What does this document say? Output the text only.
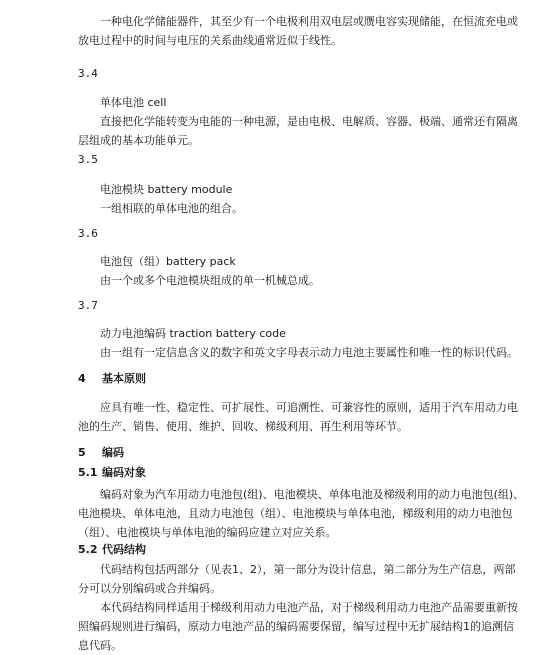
一种电化学储能器件，其至少有一个电极利用双电层或赝电容实现储能，在恒流充电或
放电过程中的时间与电压的关系曲线通常近似于线性。
3.4
单体电池 cell
直接把化学能转变为电能的一种电源，是由电极、电解质、容器、极端、通常还有隔离
层组成的基本功能单元。
3.5
电池模块 battery module
一组相联的单体电池的组合。
3.6
电池包（组）battery pack
由一个或多个电池模块组成的单一机械总成。
3.7
动力电池编码 traction battery code
由一组有一定信息含义的数字和英文字母表示动力电池主要属性和唯一性的标识代码。
4 基本原则
应具有唯一性、稳定性、可扩展性、可追溯性、可兼容性的原则，适用于汽车用动力电
池的生产、销售、使用、维护、回收、梯级利用、再生利用等环节。
5 编码
5.1 编码对象
编码对象为汽车用动力电池包(组)、电池模块、单体电池及梯级利用的动力电池包(组)、
电池模块、单体电池，且动力电池包（组）、电池模块与单体电池，梯级利用的动力电池包
（组）、电池模块与单体电池的编码应建立对应关系。
5.2 代码结构
代码结构包括两部分（见表1、2），第一部分为设计信息，第二部分为生产信息，两部
分可以分别编码或合并编码。
本代码结构同样适用于梯级利用动力电池产品，对于梯级利用动力电池产品需要重新按
照编码规则进行编码，原动力电池产品的编码需要保留，编写过程中无扩展结构1的追溯信
息代码。
